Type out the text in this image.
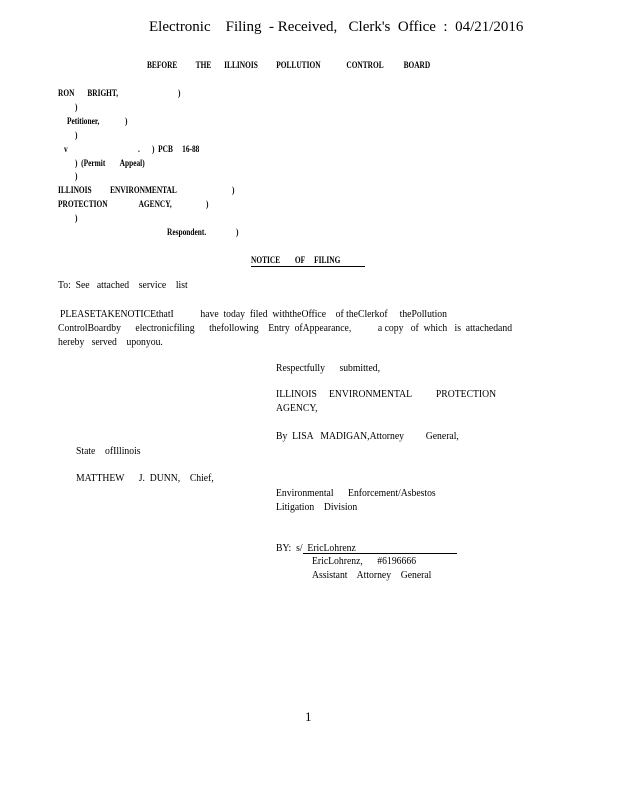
Electronic    Filing  - Received,   Clerk's  Office  :  04/21/2016
BEFORE          THE       ILLINOIS          POLLUTION              CONTROL           BOARD
RON       BRIGHT,	)
)
Petitioner,	)
)
v	. )  PCB     16-88
)  (Permit        Appeal)
)
ILLINOIS          ENVIRONMENTAL	)
PROTECTION                 AGENCY,	)
)
Respondent.	)
NOTICE        OF     FILING
To:  See   attached    service    list
PLEASETAKENOTICEthatI           have  today  filed  withtheOffice    of theClerkof     thePollution
ControlBoardby      electronicfiling      thefollowing    Entry  ofAppearance,           a copy   of  which   is  attachedand
hereby   served    uponyou.
Respectfully      submitted,
ILLINOIS     ENVIRONMENTAL          PROTECTION
AGENCY,
By  LISA   MADIGAN,Attorney         General,
State    ofIllinois
MATTHEW      J.  DUNN,    Chief,
Environmental      Enforcement/Asbestos
Litigation    Division
BY:  s/  EricLohrenz
EricLohrenz,      #6196666
Assistant    Attorney    General
1
